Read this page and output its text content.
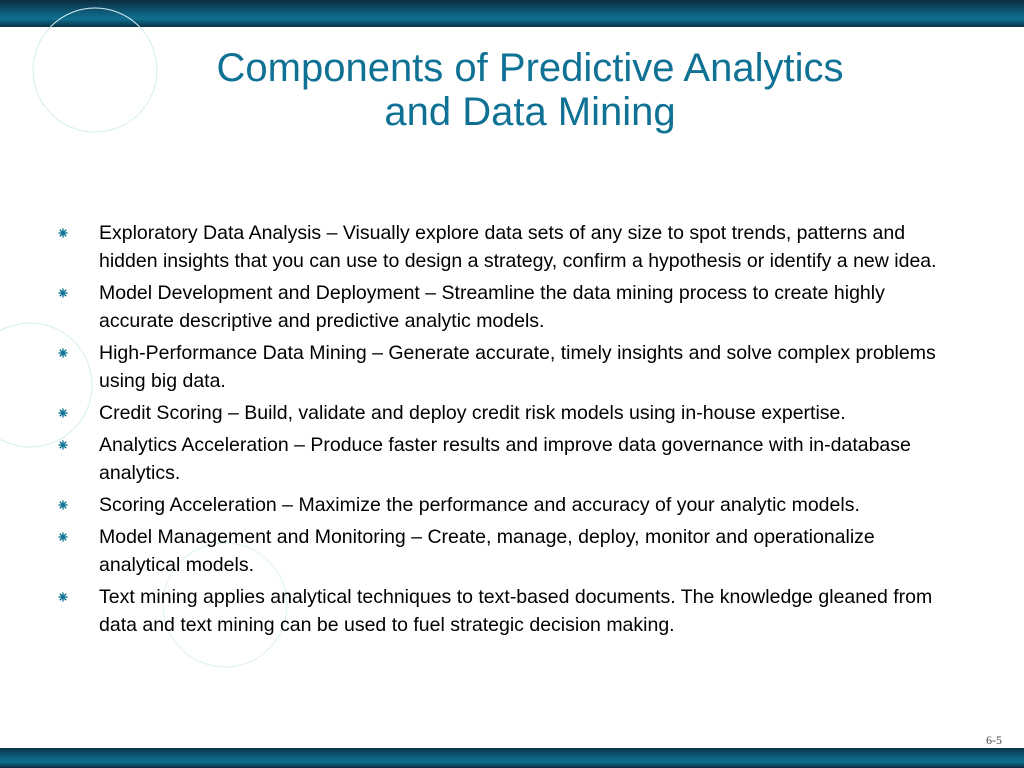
Components of Predictive Analytics
and Data Mining
Exploratory Data Analysis – Visually explore data sets of any size to spot trends, patterns and hidden insights that you can use to design a strategy, confirm a hypothesis or identify a new idea.
Model Development and Deployment – Streamline the data mining process to create highly accurate descriptive and predictive analytic models.
High-Performance Data Mining – Generate accurate, timely insights and solve complex problems using big data.
Credit Scoring – Build, validate and deploy credit risk models using in-house expertise.
Analytics Acceleration – Produce faster results and improve data governance with in-database analytics.
Scoring Acceleration – Maximize the performance and accuracy of your analytic models.
Model Management and Monitoring – Create, manage, deploy, monitor and operationalize analytical models.
Text mining applies analytical techniques to text-based documents. The knowledge gleaned from data and text mining can be used to fuel strategic decision making.
6-5
